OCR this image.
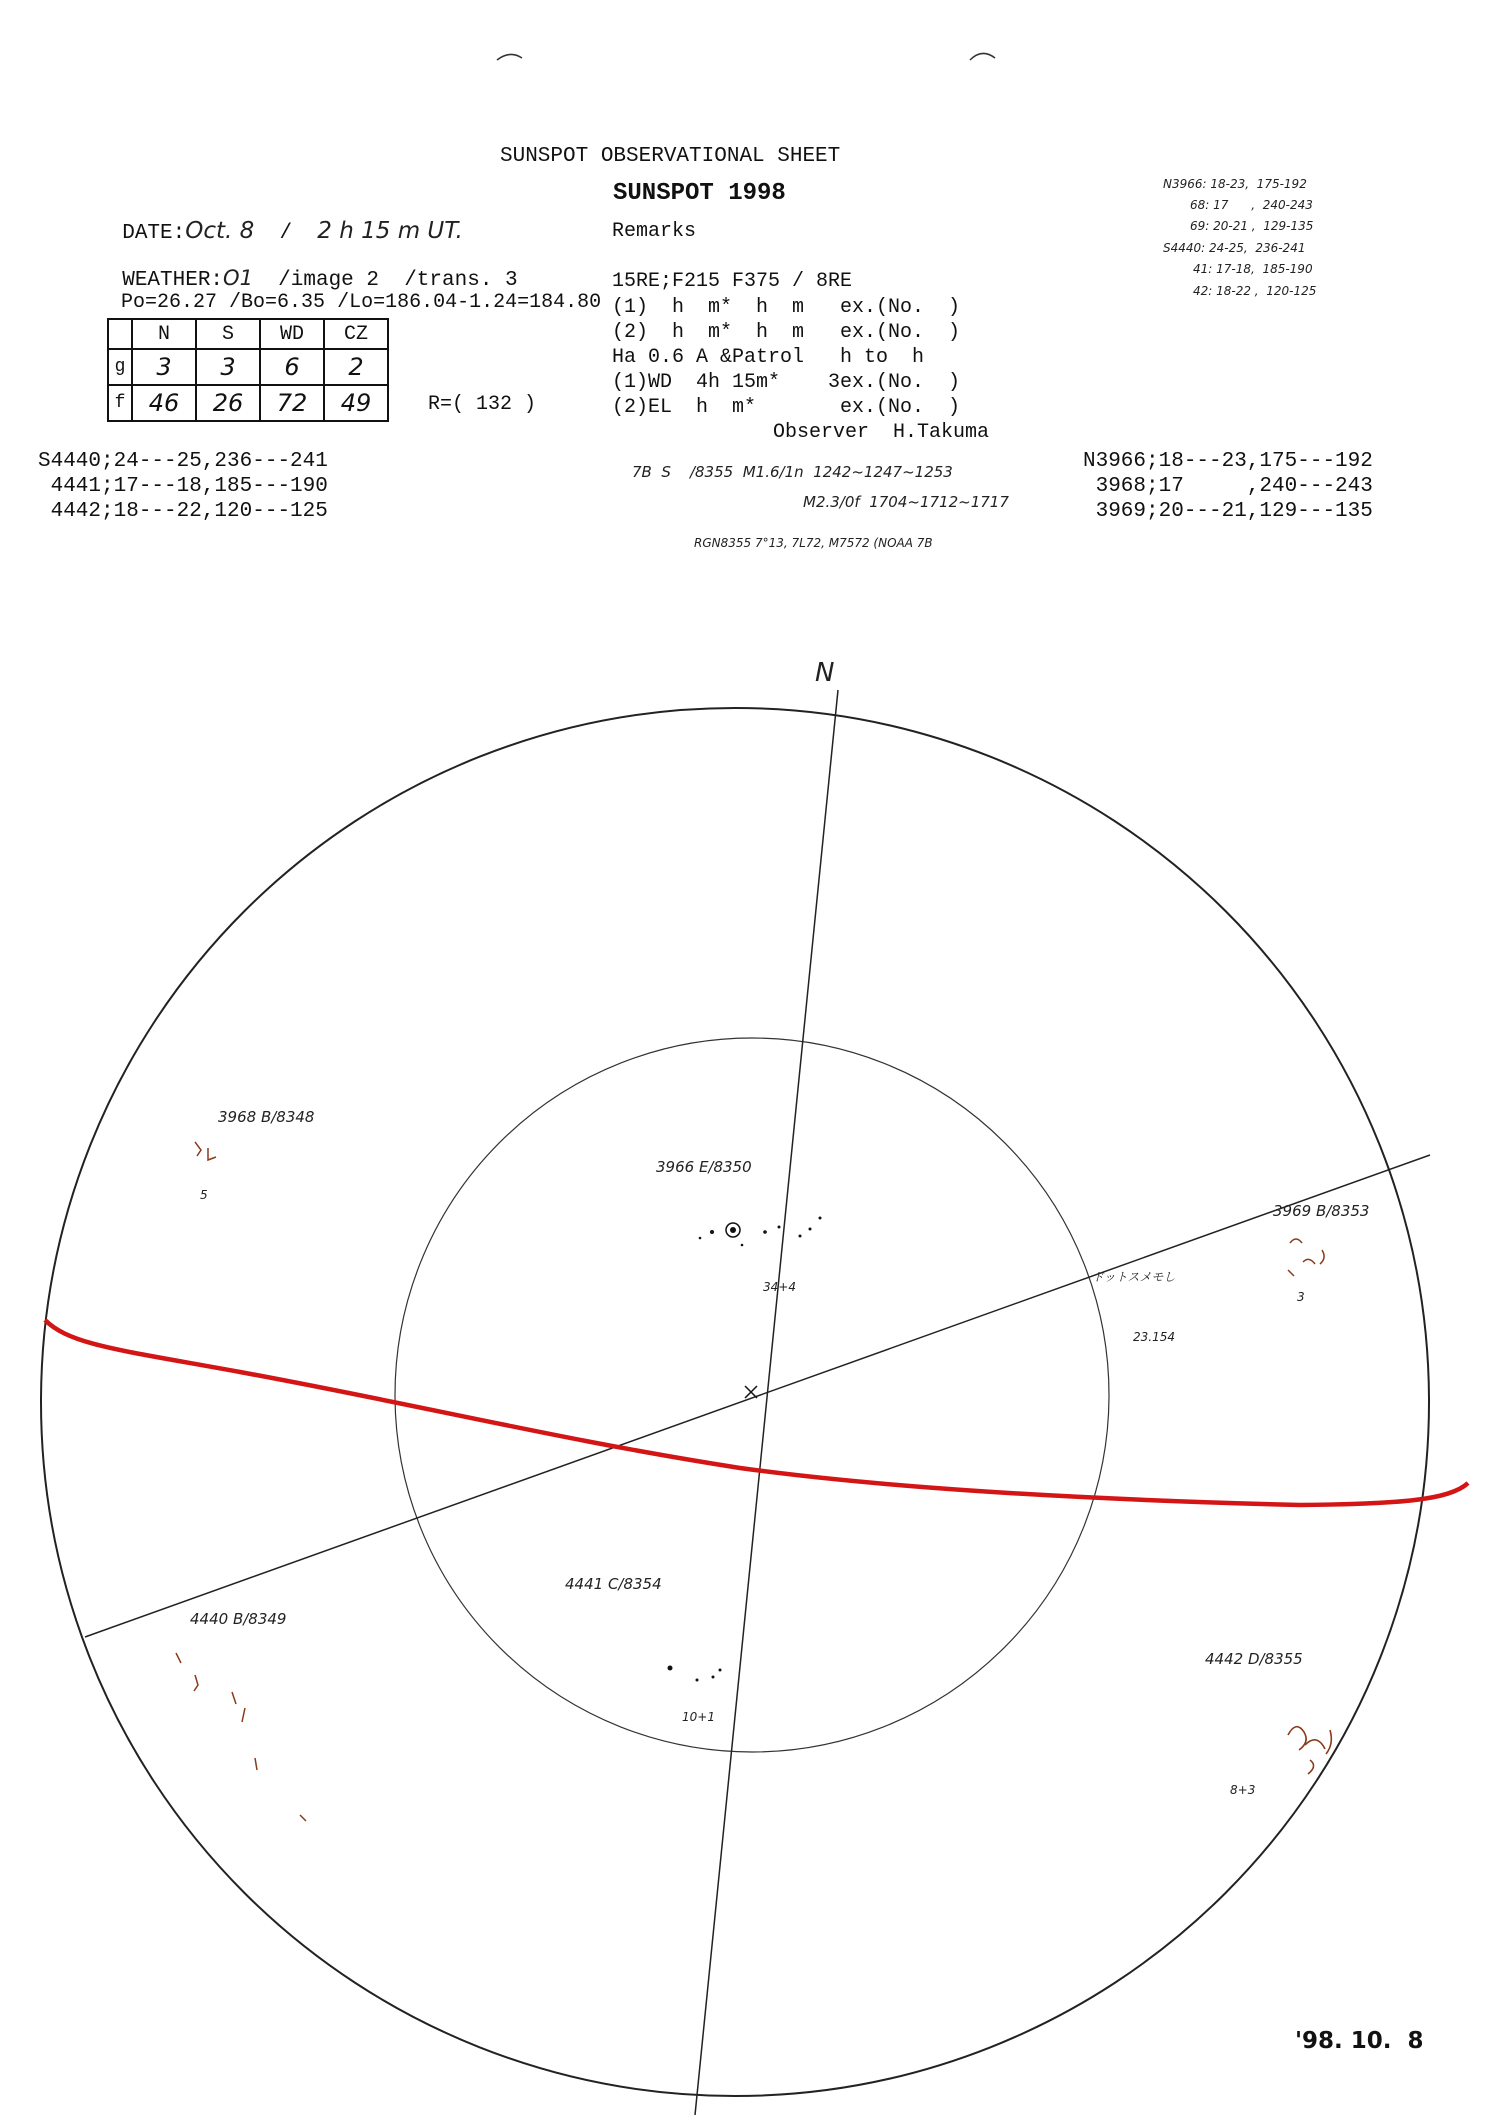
SUNSPOT OBSERVATIONAL SHEET
SUNSPOT 1998

DATE:Oct. 8  /  2 h 15 m UT.

WEATHER:O1 /image 2 /trans. 3

Po=26.27 /Bo=6.35 /Lo=186.04-1.24=184.80

	N	S	WD	CZ
g	3	3	6	2
f	46	26	72	49	R=( 132 )
Remarks
15RE;F215 F375 / 8RE
(1)  h  m*  h  m   ex.(No.  )
(2)  h  m*  h  m   ex.(No.  )
Ha 0.6 A &Patrol   h to  h
(1)WD  4h 15m*    3ex.(No.  )
(2)EL  h  m*       ex.(No.  )
Observer  H.Takuma
7B  S    /8355  M1.6/1n  1242~1247~1253
M2.3/0f  1704~1712~1717
RGN8355 7°13, 7L72, M7572 (NOAA 7B
N3966: 18-23,  175-192
68: 17      ,  240-243
69: 20-21 ,  129-135
S4440: 24-25,  236-241
41: 17-18,  185-190
42: 18-22 ,  120-125
S4440;24---25,236---241
4441;17---18,185---190
4442;18---22,120---125
N3966;18---23,175---192
3968;17     ,240---243
3969;20---21,129---135
N
3968 B/8348
5
3966 E/8350
34+4
3969 B/8353
3
ドットスメモし
23.154
4441 C/8354
10+1
4440 B/8349
4442 D/8355
8+3
'98. 10.  8
